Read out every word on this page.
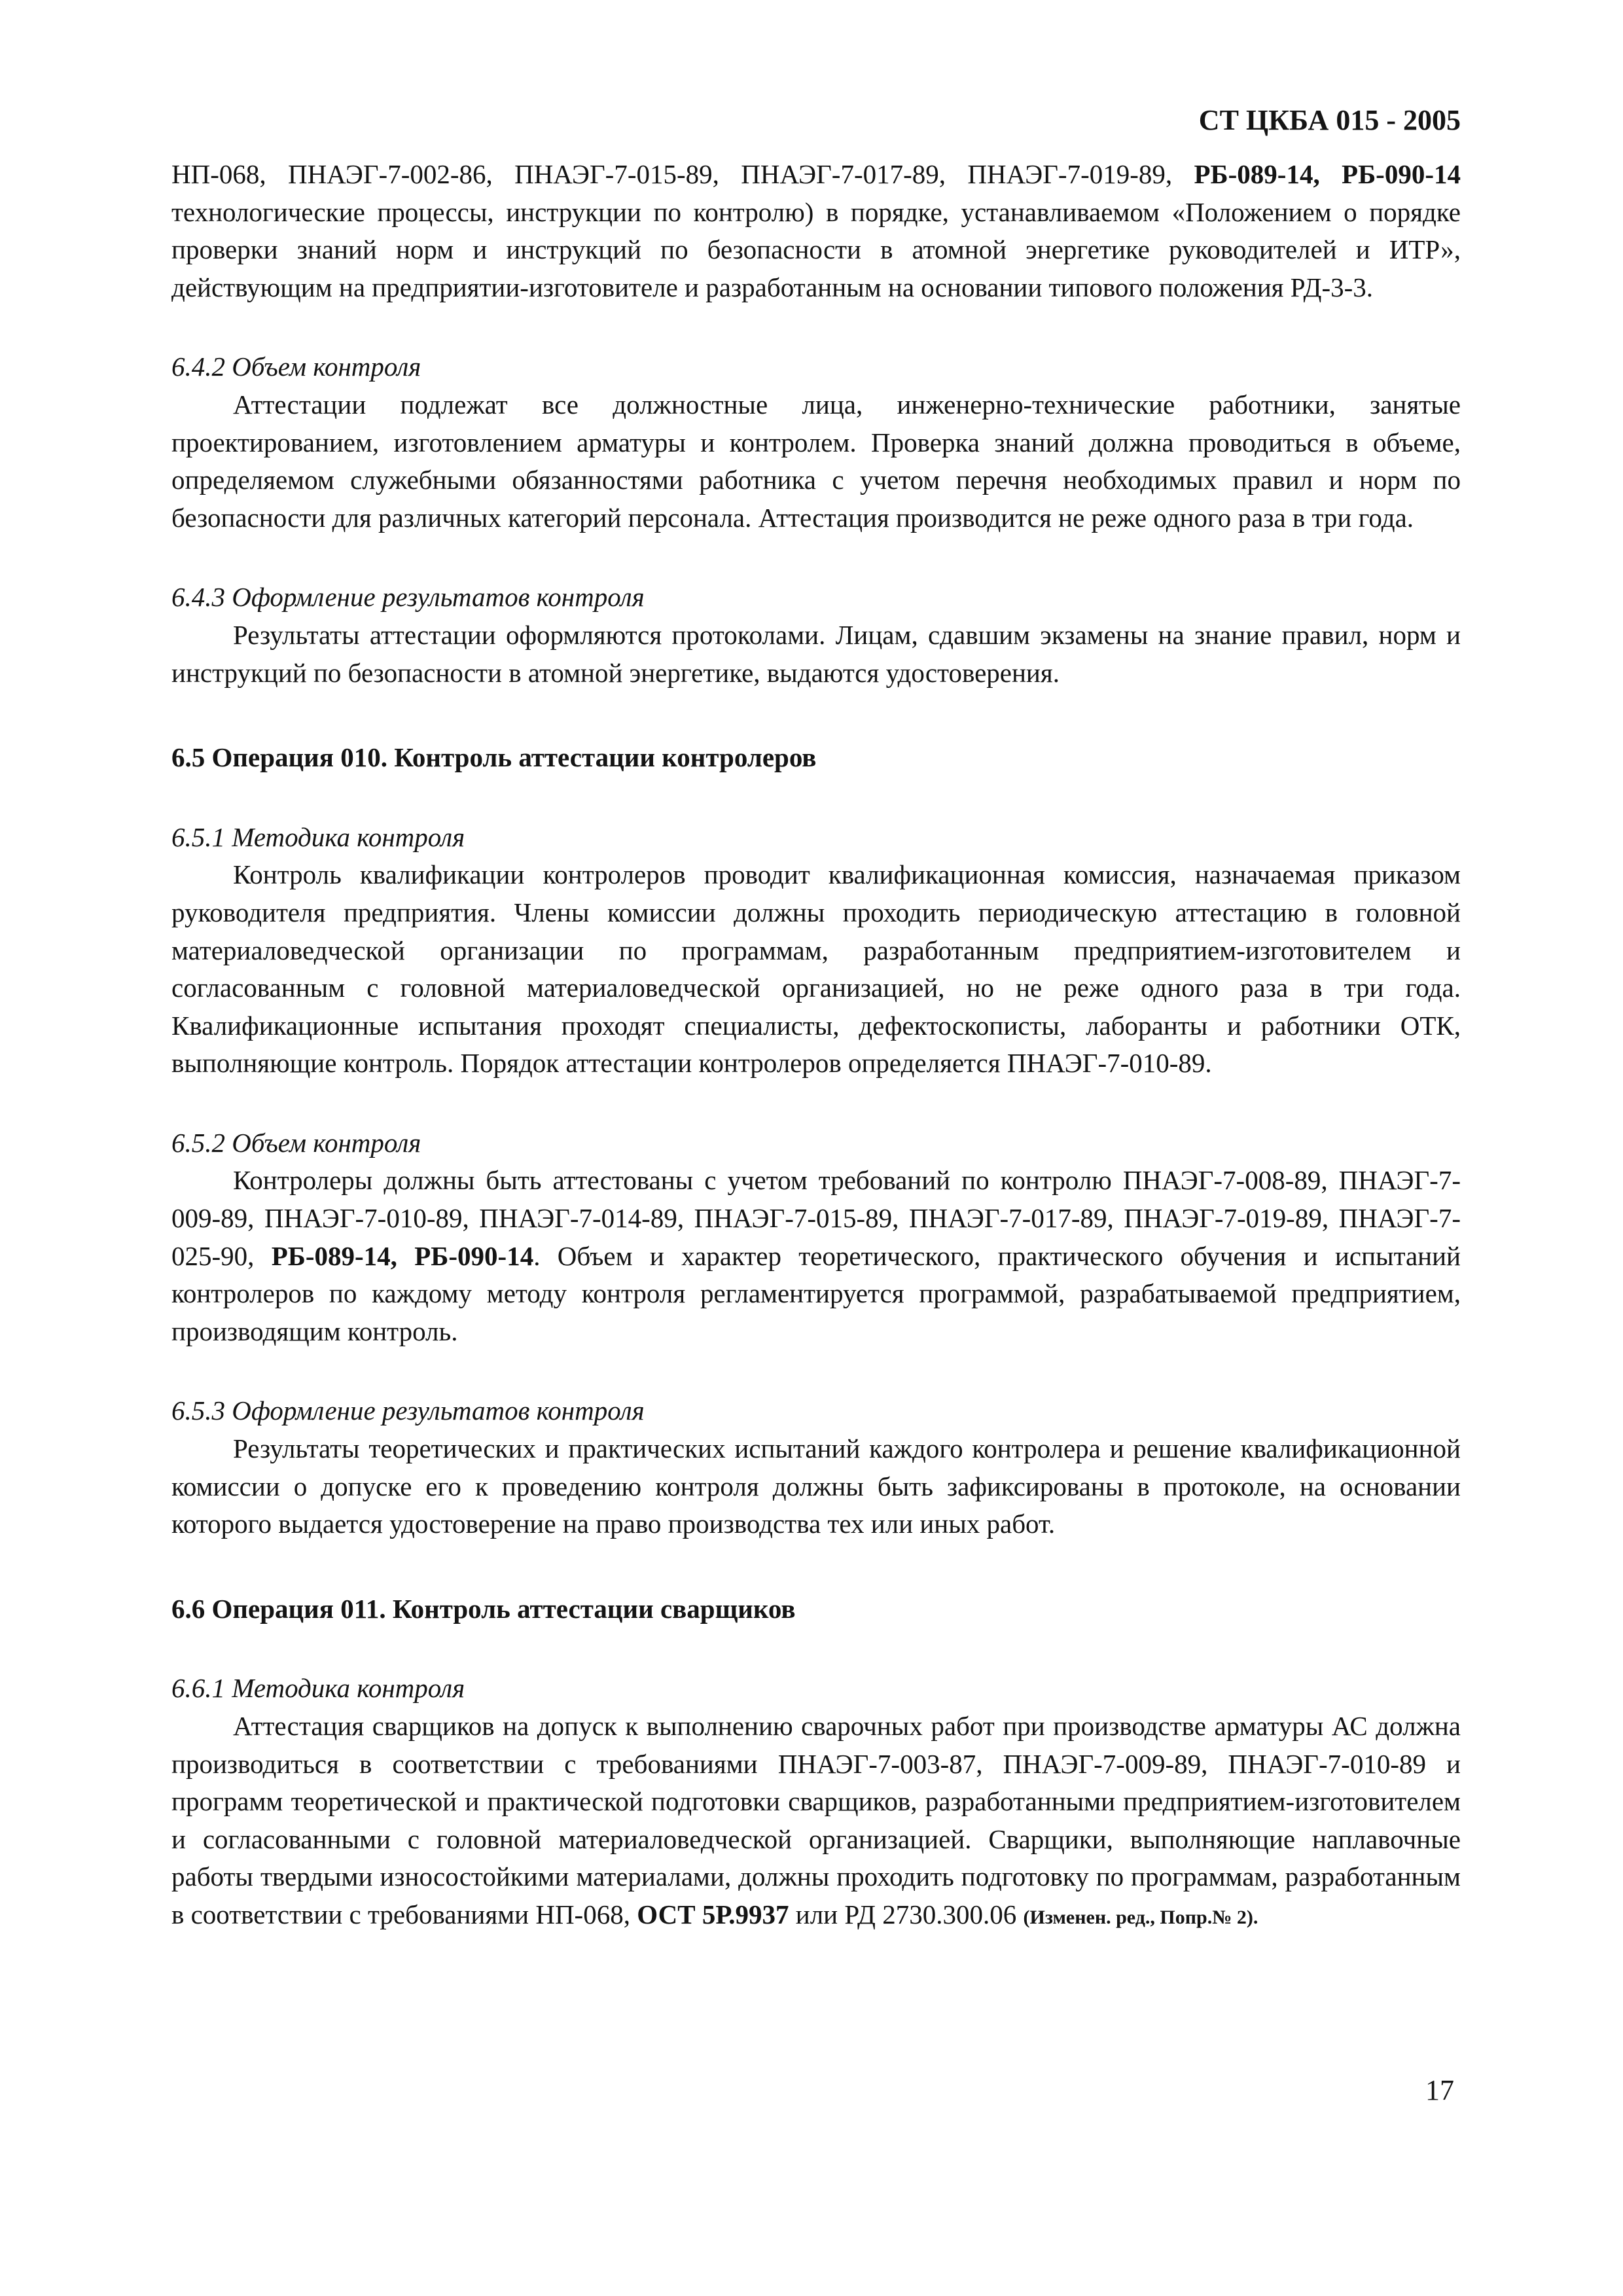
СТ ЦКБА 015 - 2005

НП-068, ПНАЭГ-7-002-86, ПНАЭГ-7-015-89, ПНАЭГ-7-017-89, ПНАЭГ-7-019-89, РБ-089-14, РБ-090-14 технологические процессы, инструкции по контролю) в порядке, устанавливаемом «Положением о порядке проверки знаний норм и инструкций по безопасности в атомной энергетике руководителей и ИТР», действующим на предприятии-изготовителе и разработанным на основании типового положения РД-3-3.

6.4.2 Объем контроля

Аттестации подлежат все должностные лица, инженерно-технические работники, занятые проектированием, изготовлением арматуры и контролем. Проверка знаний должна проводиться в объеме, определяемом служебными обязанностями работника с учетом перечня необходимых правил и норм по безопасности для различных категорий персонала. Аттестация производится не реже одного раза в три года.

6.4.3 Оформление результатов контроля

Результаты аттестации оформляются протоколами. Лицам, сдавшим экзамены на знание правил, норм и инструкций по безопасности в атомной энергетике, выдаются удостоверения.

6.5 Операция 010. Контроль аттестации контролеров

6.5.1 Методика контроля

Контроль квалификации контролеров проводит квалификационная комиссия, назначаемая приказом руководителя предприятия. Члены комиссии должны проходить периодическую аттестацию в головной материаловедческой организации по программам, разработанным предприятием-изготовителем и согласованным с головной материаловедческой организацией, но не реже одного раза в три года. Квалификационные испытания проходят специалисты, дефектоскописты, лаборанты и работники ОТК, выполняющие контроль. Порядок аттестации контролеров определяется ПНАЭГ-7-010-89.

6.5.2 Объем контроля

Контролеры должны быть аттестованы с учетом требований по контролю ПНАЭГ-7-008-89, ПНАЭГ-7-009-89, ПНАЭГ-7-010-89, ПНАЭГ-7-014-89, ПНАЭГ-7-015-89, ПНАЭГ-7-017-89, ПНАЭГ-7-019-89, ПНАЭГ-7-025-90, РБ-089-14, РБ-090-14. Объем и характер теоретического, практического обучения и испытаний контролеров по каждому методу контроля регламентируется программой, разрабатываемой предприятием, производящим контроль.

6.5.3 Оформление результатов контроля

Результаты теоретических и практических испытаний каждого контролера и решение квалификационной комиссии о допуске его к проведению контроля должны быть зафиксированы в протоколе, на основании которого выдается удостоверение на право производства тех или иных работ.

6.6 Операция 011. Контроль аттестации сварщиков

6.6.1 Методика контроля

Аттестация сварщиков на допуск к выполнению сварочных работ при производстве арматуры АС должна производиться в соответствии с требованиями ПНАЭГ-7-003-87, ПНАЭГ-7-009-89, ПНАЭГ-7-010-89 и программ теоретической и практической подготовки сварщиков, разработанными предприятием-изготовителем и согласованными с головной материаловедческой организацией. Сварщики, выполняющие наплавочные работы твердыми износостойкими материалами, должны проходить подготовку по программам, разработанным в соответствии с требованиями НП-068, ОСТ 5Р.9937 или РД 2730.300.06 (Изменен. ред., Попр.№ 2).

17
